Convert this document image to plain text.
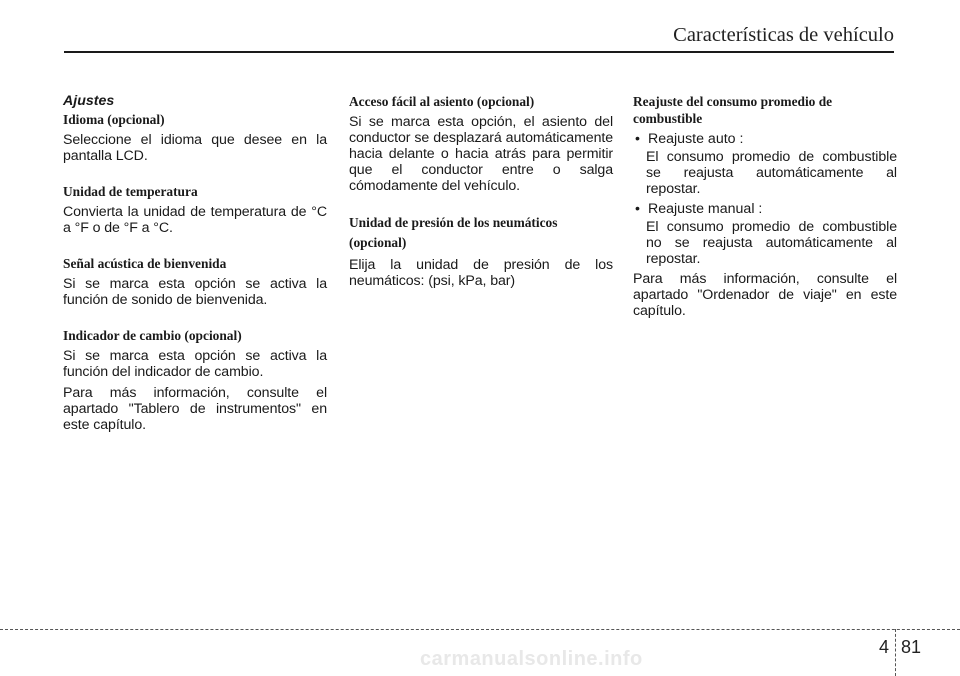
Características de vehículo
Ajustes
Idioma (opcional)

Seleccione el idioma que desee en la pantalla LCD.

Unidad de temperatura

Convierta la unidad de temperatura de °C a °F o de °F a °C.

Señal acústica de bienvenida

Si se marca esta opción se activa la función de sonido de bienvenida.

Indicador de cambio (opcional)

Si se marca esta opción se activa la función del indicador de cambio.

Para más información, consulte el apartado "Tablero de instrumentos" en este capítulo.

Acceso fácil al asiento (opcional)

Si se marca esta opción, el asiento del conductor se desplazará automáticamente hacia delante o hacia atrás para permitir que el conductor entre o salga cómodamente del vehículo.

Unidad de presión de los neumáticos (opcional)

Elija la unidad de presión de los neumáticos: (psi, kPa, bar)

Reajuste del consumo promedio de combustible
• Reajuste auto :

El consumo promedio de combustible se reajusta automáticamente al repostar.

• Reajuste manual :

El consumo promedio de combustible no se reajusta automáticamente al repostar.

Para más información, consulte el apartado "Ordenador de viaje" en este capítulo.

4 81
carmanualsonline.info
